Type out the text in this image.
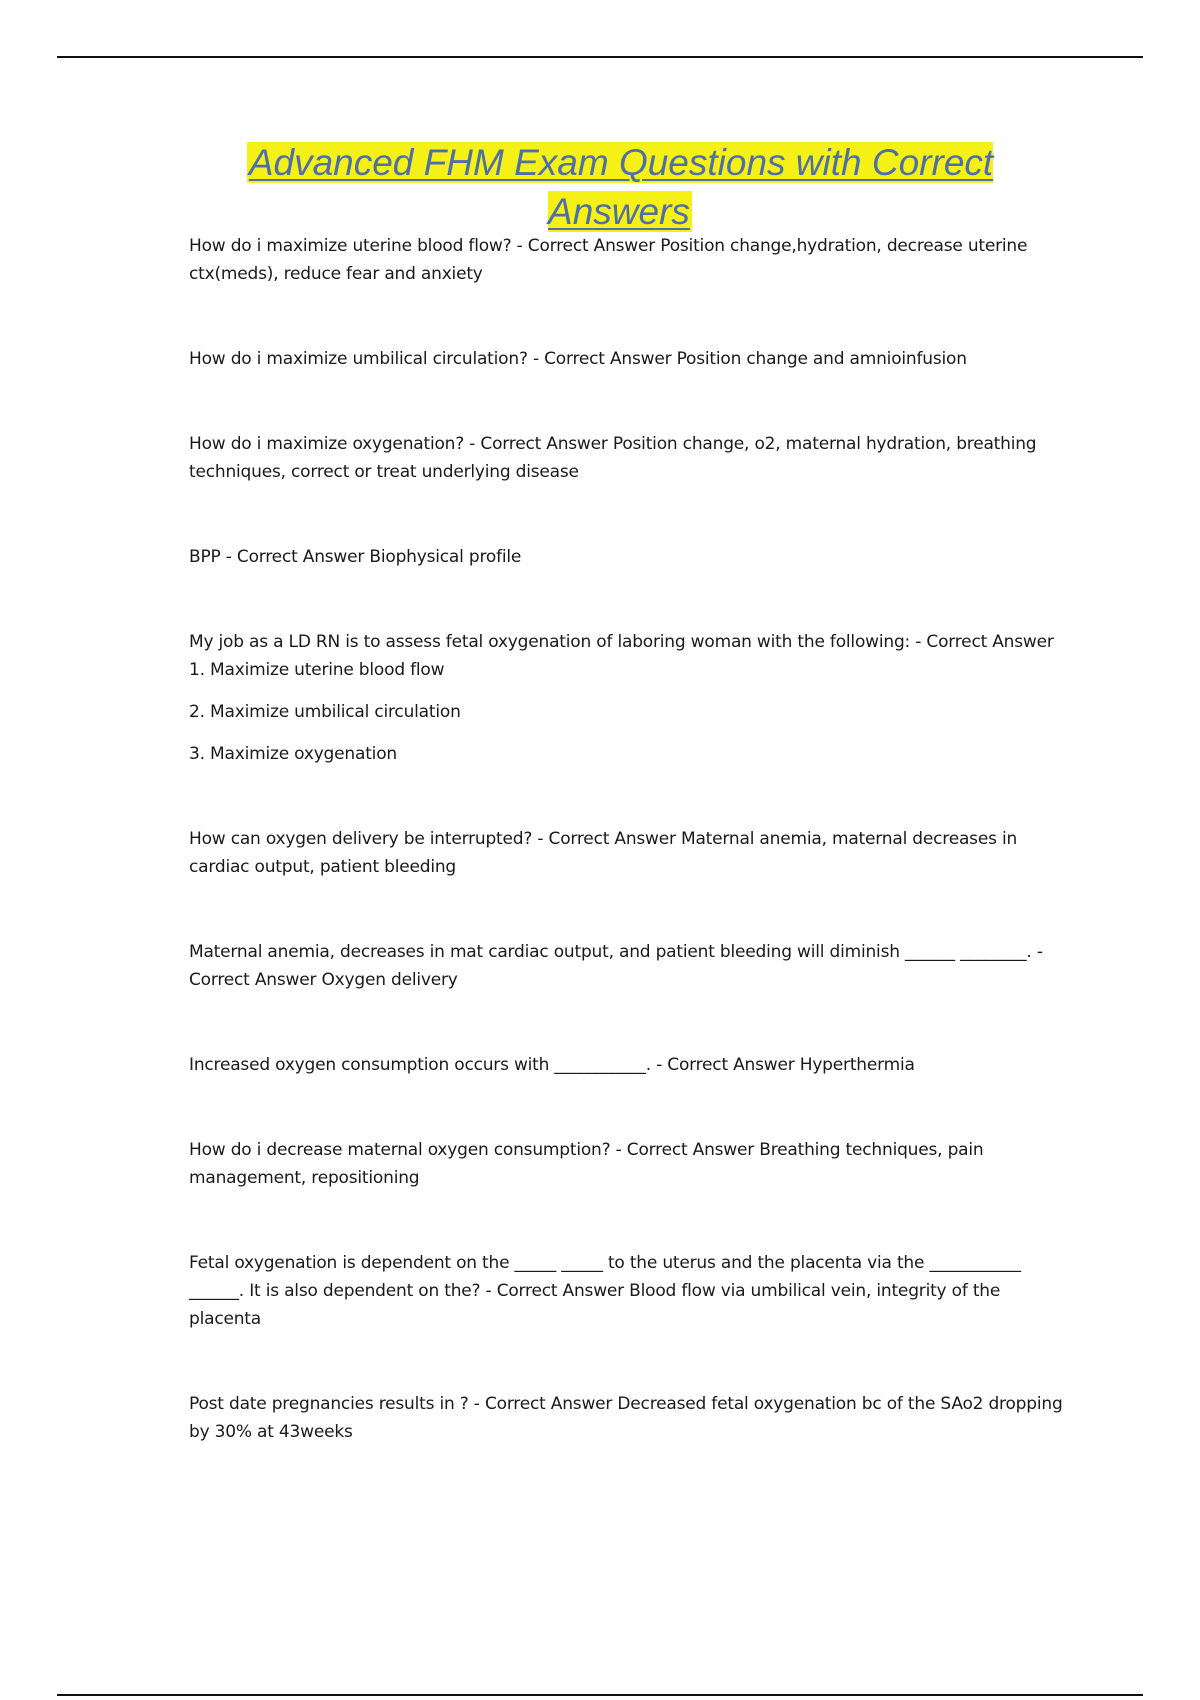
Advanced FHM Exam Questions with Correct Answers

How do i maximize uterine blood flow? - Correct Answer Position change,hydration, decrease uterine ctx(meds), reduce fear and anxiety

How do i maximize umbilical circulation? - Correct Answer Position change and amnioinfusion

How do i maximize oxygenation? - Correct Answer Position change, o2, maternal hydration, breathing techniques, correct or treat underlying disease

BPP - Correct Answer Biophysical profile

My job as a LD RN is to assess fetal oxygenation of laboring woman with the following: - Correct Answer 1. Maximize uterine blood flow

2. Maximize umbilical circulation

3. Maximize oxygenation

How can oxygen delivery be interrupted? - Correct Answer Maternal anemia, maternal decreases in cardiac output, patient bleeding

Maternal anemia, decreases in mat cardiac output, and patient bleeding will diminish ______ ________. - Correct Answer Oxygen delivery

Increased oxygen consumption occurs with ___________. - Correct Answer Hyperthermia

How do i decrease maternal oxygen consumption? - Correct Answer Breathing techniques, pain management, repositioning

Fetal oxygenation is dependent on the _____ _____ to the uterus and the placenta via the ___________ ______. It is also dependent on the? - Correct Answer Blood flow via umbilical vein, integrity of the placenta

Post date pregnancies results in ? - Correct Answer Decreased fetal oxygenation bc of the SAo2 dropping by 30% at 43weeks
